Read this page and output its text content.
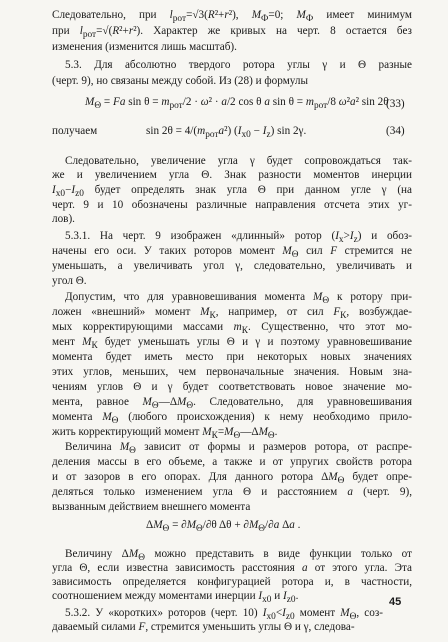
Следовательно, при $l_{рот}=√3(R^2+r^2)$, $M_Ф=0$; $M_Ф$ имеет минимум
при $l_{рот}=√(R^2+r^2)$. Характер же кривых на черт. 8 остается без
изменения (изменится лишь масштаб).
5.3. Для абсолютно твердого ротора углы γ и Θ разные
(черт. 9), но связаны между собой. Из (28) и формулы
$M_\Theta = Fa$ $\sin \theta = m_{рот}/2 \cdot \omega^2 \cdot a/2$ cos θ a $\sin \theta = m_{рот}/8$ ω²a² sin 2θ
(33)
получаем	$\sin 2\theta = 4/(m_{рот}a^2) (I_{x0} - I_z)$ sin 2γ.	(34)
Следовательно, увеличение угла γ будет сопровождаться так-
же и увеличением угла Θ. Знак разности моментов инерции
$I_{x0}-I_{z0}$ будет определять знак угла Θ при данном угле γ (на
черт. 9 и 10 обозначены различные направления отсчета этих уг-
лов).
5.3.1. На черт. 9 изображен «длинный» ротор $(I_x>I_z)$ и обоз-
начены его оси. У таких роторов момент $M_\Theta$ сил F стремится не
уменьшать, а увеличивать угол γ, следовательно, увеличивать и
угол Θ.
Допустим, что для уравновешивания момента $M_\Theta$ к ротору при-
ложен «внешний» момент $M_К$, например, от сил $F_К$, возбуждае-
мых корректирующими массами $m_К$. Существенно, что этот мо-
мент $M_К$ будет уменьшать углы Θ и γ и поэтому уравновешивание
момента будет иметь место при некоторых новых значениях
этих углов, меньших, чем первоначальные значения. Новым зна-
чениям углов Θ и γ будет соответствовать новое значение мо-
мента, равное $M_\Theta—\Delta M_\Theta$. Следовательно, для уравновешивания
момента $M_\Theta$ (любого происхождения) к нему необходимо прило-
жить корректирующий момент $M_К=M_\Theta—\Delta M_\Theta$.
Величина $M_\Theta$ зависит от формы и размеров ротора, от распре-
деления массы в его объеме, а также и от упругих свойств ротора
и от зазоров в его опорах. Для данного ротора $\Delta M_\Theta$ будет опре-
деляться только изменением угла Θ и расстоянием a (черт. 9),
вызванным действием внешнего момента
$\Delta M_\Theta = \partial M_\Theta/\partial\theta$ $\Delta\theta + \partial M_\Theta/\partial a$ Δa .
Величину $\Delta M_\Theta$ можно представить в виде функции только от
угла Θ, если известна зависимость расстояния a от этого угла. Эта
зависимость определяется конфигурацией ротора и, в частности,
соотношением между моментами инерции $I_{x0}$ и $I_{z0}$.
5.3.2. У «коротких» роторов (черт. 10) $I_{x0}<I_{z0}$ момент $M_\Theta$, соз-
даваемый силами F, стремится уменьшить углы Θ и γ, следова-
45
